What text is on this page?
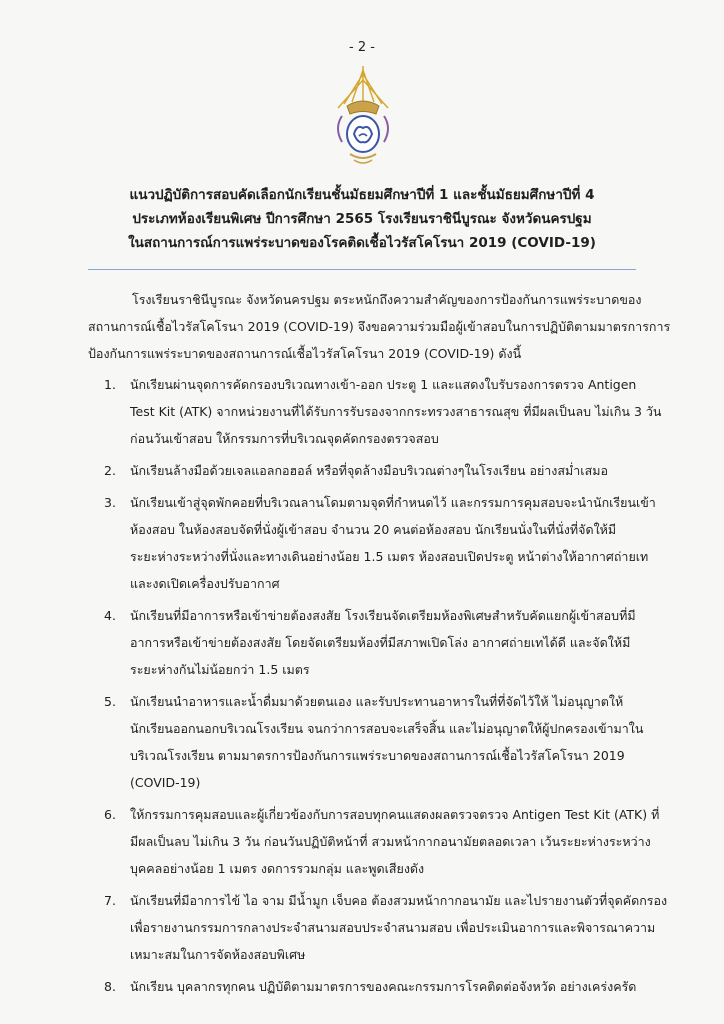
- 2 -
แนวปฏิบัติการสอบคัดเลือกนักเรียนชั้นมัธยมศึกษาปีที่ 1 และชั้นมัธยมศึกษาปีที่ 4
ประเภทห้องเรียนพิเศษ ปีการศึกษา 2565 โรงเรียนราชินีบูรณะ จังหวัดนครปฐม
ในสถานการณ์การแพร่ระบาดของโรคติดเชื้อไวรัสโคโรนา 2019 (COVID-19)
โรงเรียนราชินีบูรณะ จังหวัดนครปฐม ตระหนักถึงความสำคัญของการป้องกันการแพร่ระบาดของ
สถานการณ์เชื้อไวรัสโคโรนา 2019 (COVID-19) จึงขอความร่วมมือผู้เข้าสอบในการปฏิบัติตามมาตรการการ
ป้องกันการแพร่ระบาดของสถานการณ์เชื้อไวรัสโคโรนา 2019 (COVID-19) ดังนี้
1. นักเรียนผ่านจุดการคัดกรองบริเวณทางเข้า-ออก ประตู 1 และแสดงใบรับรองการตรวจ Antigen
Test Kit (ATK) จากหน่วยงานที่ได้รับการรับรองจากกระทรวงสาธารณสุข ที่มีผลเป็นลบ ไม่เกิน 3 วัน
ก่อนวันเข้าสอบ ให้กรรมการที่บริเวณจุดคัดกรองตรวจสอบ
2. นักเรียนล้างมือด้วยเจลแอลกอฮอล์ หรือที่จุดล้างมือบริเวณต่างๆในโรงเรียน อย่างสม่ำเสมอ
3. นักเรียนเข้าสู่จุดพักคอยที่บริเวณลานโดมตามจุดที่กำหนดไว้ และกรรมการคุมสอบจะนำนักเรียนเข้า
ห้องสอบ ในห้องสอบจัดที่นั่งผู้เข้าสอบ จำนวน 20 คนต่อห้องสอบ นักเรียนนั่งในที่นั่งที่จัดให้มี
ระยะห่างระหว่างที่นั่งและทางเดินอย่างน้อย 1.5 เมตร ห้องสอบเปิดประตู หน้าต่างให้อากาศถ่ายเท
และงดเปิดเครื่องปรับอากาศ
4. นักเรียนที่มีอาการหรือเข้าข่ายต้องสงสัย โรงเรียนจัดเตรียมห้องพิเศษสำหรับคัดแยกผู้เข้าสอบที่มี
อาการหรือเข้าข่ายต้องสงสัย โดยจัดเตรียมห้องที่มีสภาพเปิดโล่ง อากาศถ่ายเทได้ดี และจัดให้มี
ระยะห่างกันไม่น้อยกว่า 1.5 เมตร
5. นักเรียนนำอาหารและน้ำดื่มมาด้วยตนเอง และรับประทานอาหารในที่ที่จัดไว้ให้ ไม่อนุญาตให้
นักเรียนออกนอกบริเวณโรงเรียน จนกว่าการสอบจะเสร็จสิ้น และไม่อนุญาตให้ผู้ปกครองเข้ามาใน
บริเวณโรงเรียน ตามมาตรการป้องกันการแพร่ระบาดของสถานการณ์เชื้อไวรัสโคโรนา 2019
(COVID-19)
6. ให้กรรมการคุมสอบและผู้เกี่ยวข้องกับการสอบทุกคนแสดงผลตรวจตรวจ Antigen Test Kit (ATK) ที่
มีผลเป็นลบ ไม่เกิน 3 วัน ก่อนวันปฏิบัติหน้าที่ สวมหน้ากากอนามัยตลอดเวลา เว้นระยะห่างระหว่าง
บุคคลอย่างน้อย 1 เมตร งดการรวมกลุ่ม และพูดเสียงดัง
7. นักเรียนที่มีอาการไข้ ไอ จาม มีน้ำมูก เจ็บคอ ต้องสวมหน้ากากอนามัย และไปรายงานตัวที่จุดคัดกรอง
เพื่อรายงานกรรมการกลางประจำสนามสอบประจำสนามสอบ เพื่อประเมินอาการและพิจารณาความ
เหมาะสมในการจัดห้องสอบพิเศษ
8. นักเรียน บุคลากรทุกคน ปฏิบัติตามมาตรการของคณะกรรมการโรคติดต่อจังหวัด อย่างเคร่งครัด
